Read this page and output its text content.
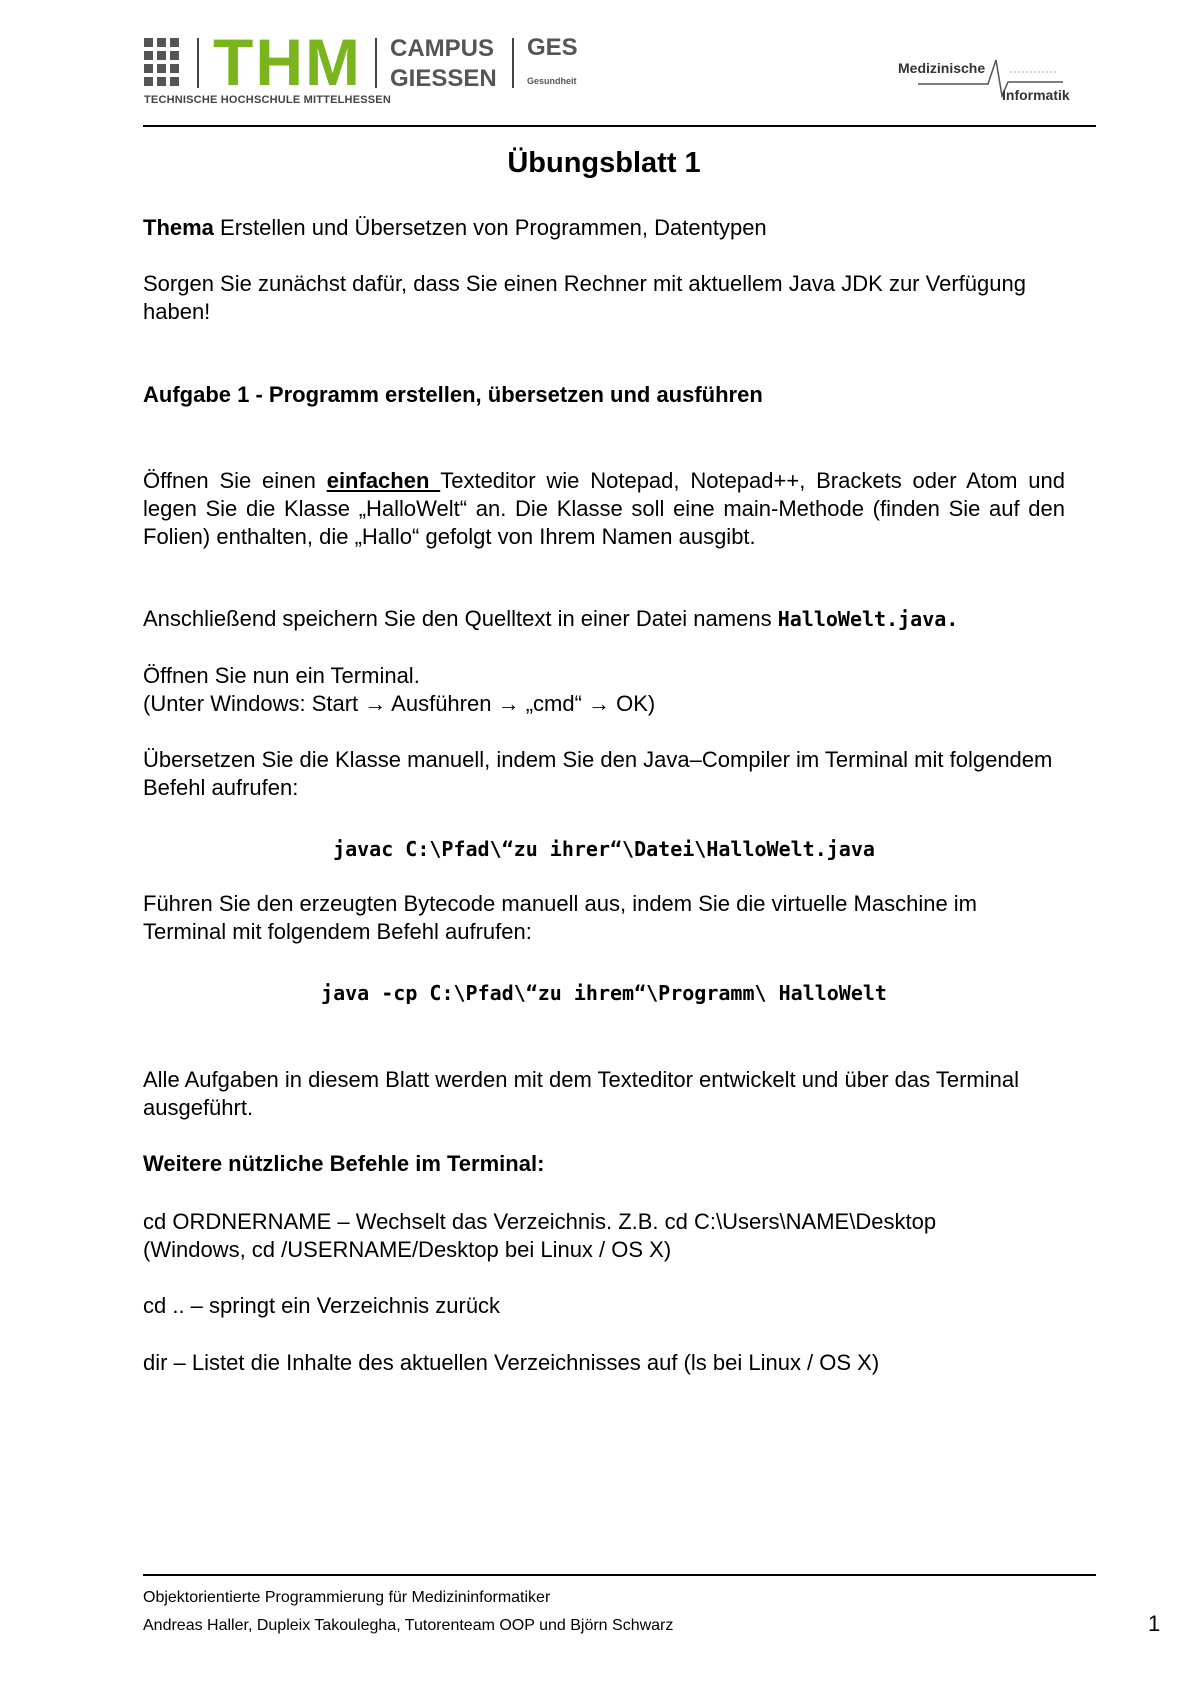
THM
TECHNISCHE HOCHSCHULE MITTELHESSEN
CAMPUS
GIESSEN
GES
Gesundheit
Medizinische
Informatik
Übungsblatt 1

Thema Erstellen und Übersetzen von Programmen, Datentypen

Sorgen Sie zunächst dafür, dass Sie einen Rechner mit aktuellem Java JDK zur Verfügung haben!

Aufgabe 1 - Programm erstellen, übersetzen und ausführen

Öffnen Sie einen einfachen Texteditor wie Notepad, Notepad++, Brackets oder Atom und legen Sie die Klasse „HalloWelt“ an. Die Klasse soll eine main-Methode (finden Sie auf den Folien) enthalten, die „Hallo“ gefolgt von Ihrem Namen ausgibt.

Anschließend speichern Sie den Quelltext in einer Datei namens HalloWelt.java.

Öffnen Sie nun ein Terminal.
(Unter Windows: Start → Ausführen → „cmd“ → OK)

Übersetzen Sie die Klasse manuell, indem Sie den Java–Compiler im Terminal mit folgendem Befehl aufrufen:

javac C:\Pfad\“zu ihrer“\Datei\HalloWelt.java

Führen Sie den erzeugten Bytecode manuell aus, indem Sie die virtuelle Maschine im Terminal mit folgendem Befehl aufrufen:

java -cp C:\Pfad\“zu ihrem“\Programm\ HalloWelt

Alle Aufgaben in diesem Blatt werden mit dem Texteditor entwickelt und über das Terminal ausgeführt.

Weitere nützliche Befehle im Terminal:

cd ORDNERNAME – Wechselt das Verzeichnis. Z.B. cd C:\Users\NAME\Desktop
(Windows, cd /USERNAME/Desktop bei Linux / OS X)

cd .. – springt ein Verzeichnis zurück

dir – Listet die Inhalte des aktuellen Verzeichnisses auf (ls bei Linux / OS X)

Objektorientierte Programmierung für Medizininformatiker
Andreas Haller, Dupleix Takoulegha, Tutorenteam OOP und Björn Schwarz	1
